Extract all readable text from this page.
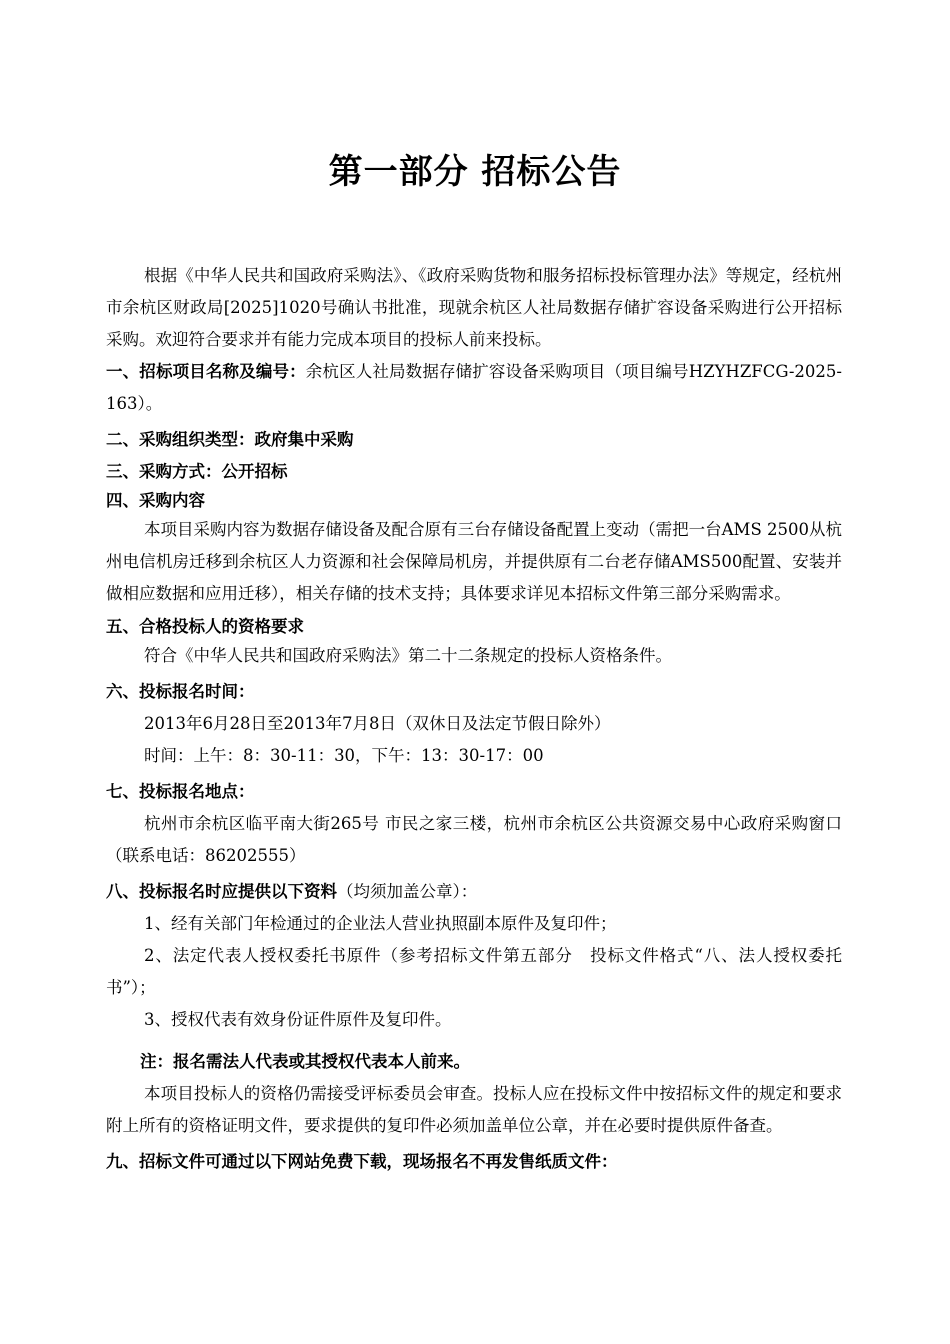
第一部分 招标公告

根据《中华人民共和国政府采购法》、《政府采购货物和服务招标投标管理办法》等规定，经杭州市余杭区财政局[2025]1020号确认书批准，现就余杭区人社局数据存储扩容设备采购进行公开招标采购。欢迎符合要求并有能力完成本项目的投标人前来投标。

一、招标项目名称及编号：余杭区人社局数据存储扩容设备采购项目（项目编号HZYHZFCG-2025-163）。

二、采购组织类型：政府集中采购

三、采购方式：公开招标

四、采购内容

本项目采购内容为数据存储设备及配合原有三台存储设备配置上变动（需把一台AMS 2500从杭州电信机房迁移到余杭区人力资源和社会保障局机房，并提供原有二台老存储AMS500配置、安装并做相应数据和应用迁移），相关存储的技术支持；具体要求详见本招标文件第三部分采购需求。

五、合格投标人的资格要求

符合《中华人民共和国政府采购法》第二十二条规定的投标人资格条件。

六、投标报名时间：

2013年6月28日至2013年7月8日（双休日及法定节假日除外）

时间：上午：8：30-11：30，下午：13：30-17：00

七、投标报名地点：

杭州市余杭区临平南大街265号 市民之家三楼，杭州市余杭区公共资源交易中心政府采购窗口（联系电话：86202555）

八、投标报名时应提供以下资料（均须加盖公章）：

1、经有关部门年检通过的企业法人营业执照副本原件及复印件；

2、法定代表人授权委托书原件（参考招标文件第五部分　投标文件格式“八、法人授权委托书”）；

3、授权代表有效身份证件原件及复印件。

注：报名需法人代表或其授权代表本人前来。

本项目投标人的资格仍需接受评标委员会审查。投标人应在投标文件中按招标文件的规定和要求附上所有的资格证明文件，要求提供的复印件必须加盖单位公章，并在必要时提供原件备查。

九、招标文件可通过以下网站免费下载，现场报名不再发售纸质文件：
